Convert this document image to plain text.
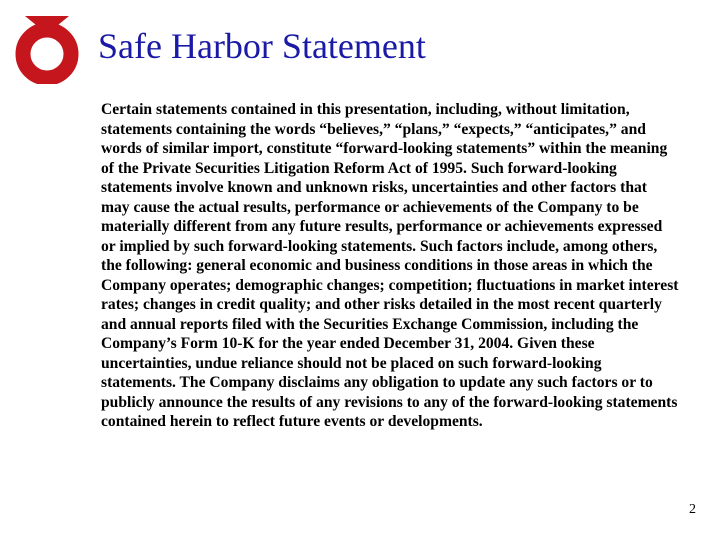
Safe Harbor Statement

Certain statements contained in this presentation, including, without limitation, statements containing the words “believes,” “plans,” “expects,” “anticipates,” and words of similar import, constitute “forward-looking statements” within the meaning of the Private Securities Litigation Reform Act of 1995. Such forward-looking statements involve known and unknown risks, uncertainties and other factors that may cause the actual results, performance or achievements of the Company to be materially different from any future results, performance or achievements expressed or implied by such forward-looking statements. Such factors include, among others, the following: general economic and business conditions in those areas in which the Company operates; demographic changes; competition; fluctuations in market interest rates; changes in credit quality; and other risks detailed in the most recent quarterly and annual reports filed with the Securities Exchange Commission, including the Company’s Form 10-K for the year ended December 31, 2004. Given these uncertainties, undue reliance should not be placed on such forward-looking statements. The Company disclaims any obligation to update any such factors or to publicly announce the results of any revisions to any of the forward-looking statements contained herein to reflect future events or developments.

2
